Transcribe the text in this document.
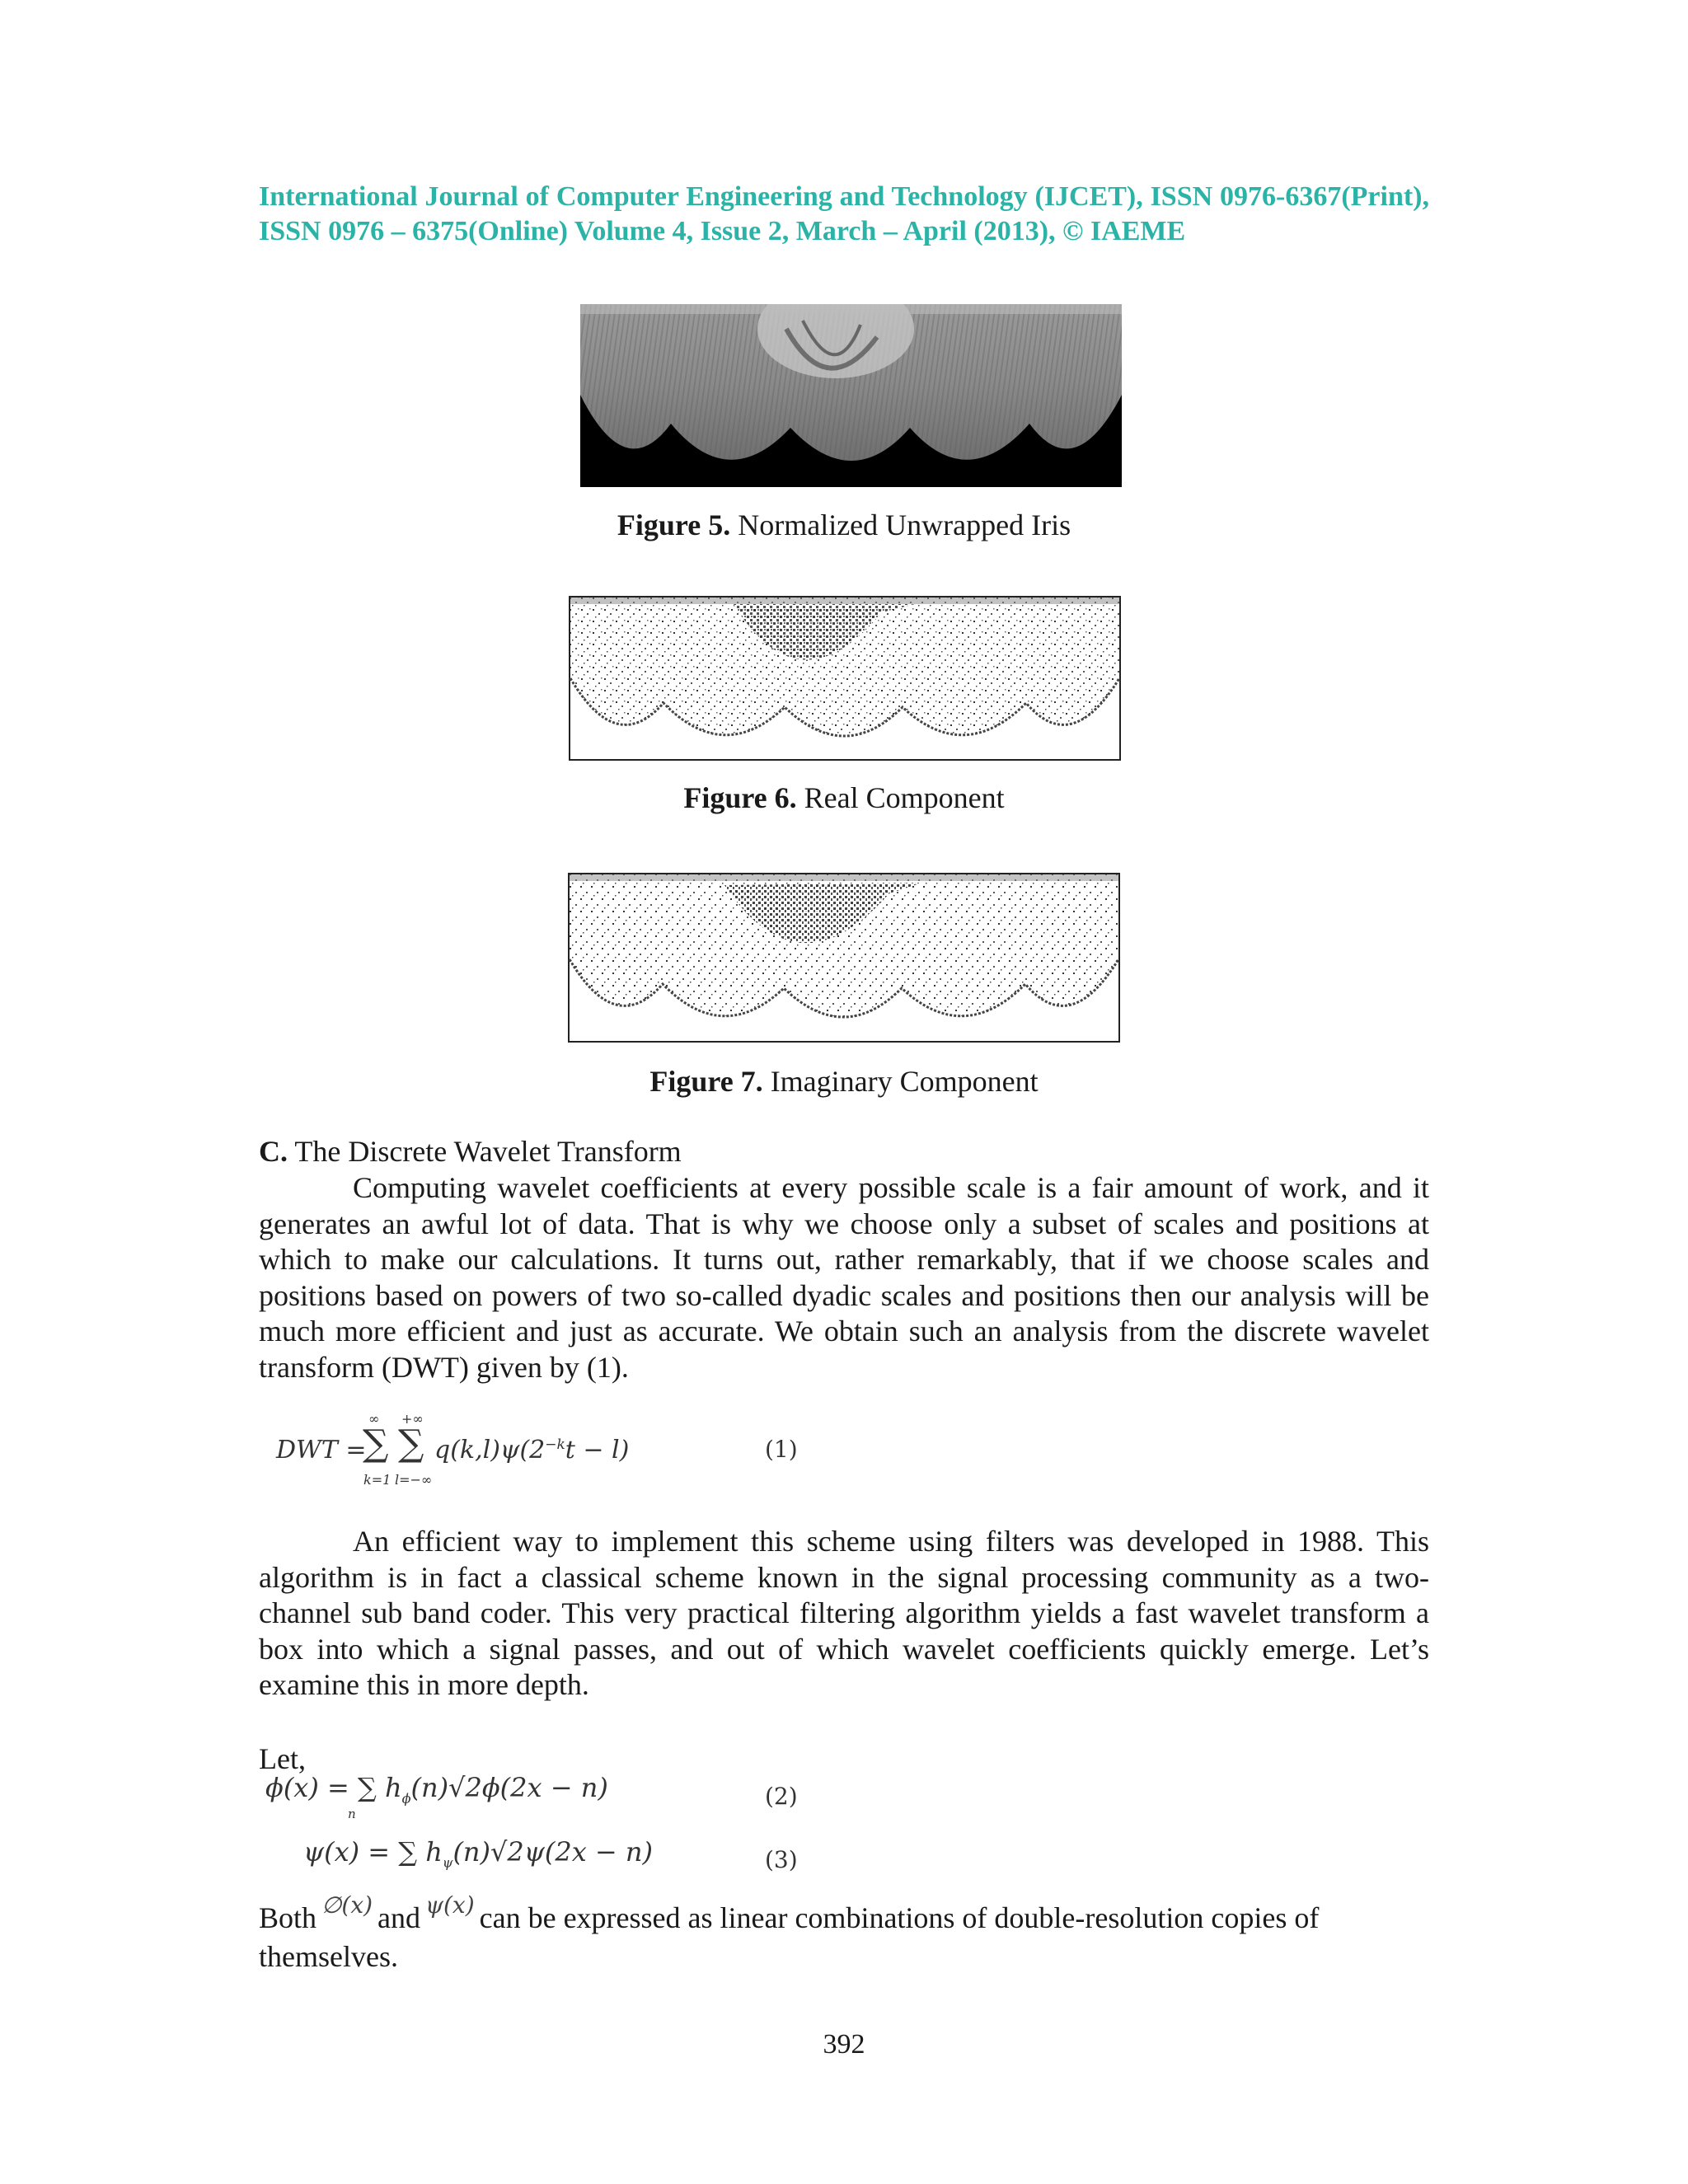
International Journal of Computer Engineering and Technology (IJCET), ISSN 0976-6367(Print), ISSN 0976 – 6375(Online) Volume 4, Issue 2, March – April (2013), © IAEME
Figure 5. Normalized Unwrapped Iris
Figure 6. Real Component
Figure 7. Imaginary Component
C. The Discrete Wavelet Transform

Computing wavelet coefficients at every possible scale is a fair amount of work, and it generates an awful lot of data. That is why we choose only a subset of scales and positions at which to make our calculations. It turns out, rather remarkably, that if we choose scales and positions based on powers of two so-called dyadic scales and positions then our analysis will be much more efficient and just as accurate. We obtain such an analysis from the discrete wavelet transform (DWT) given by (1).

DWT =
∞
∑
k=1
+∞
∑
l=−∞
$q(k,l)\psi(2^{-k}t - l)$	(1)

An efficient way to implement this scheme using filters was developed in 1988. This algorithm is in fact a classical scheme known in the signal processing community as a two-channel sub band coder. This very practical filtering algorithm yields a fast wavelet transform a box into which a signal passes, and out of which wavelet coefficients quickly emerge. Let’s examine this in more depth.

Let,
ϕ(x) = ∑ $h_\phi(n)√2\phi(2x - n)$
n
(2)
ψ(x) = ∑ $h_\psi(n)√2\psi(2x - n)$	(3)
Both $^{\emptyset(x)}$ and $^{\psi(x)}$ can be expressed as linear combinations of double-resolution copies of themselves.
392
